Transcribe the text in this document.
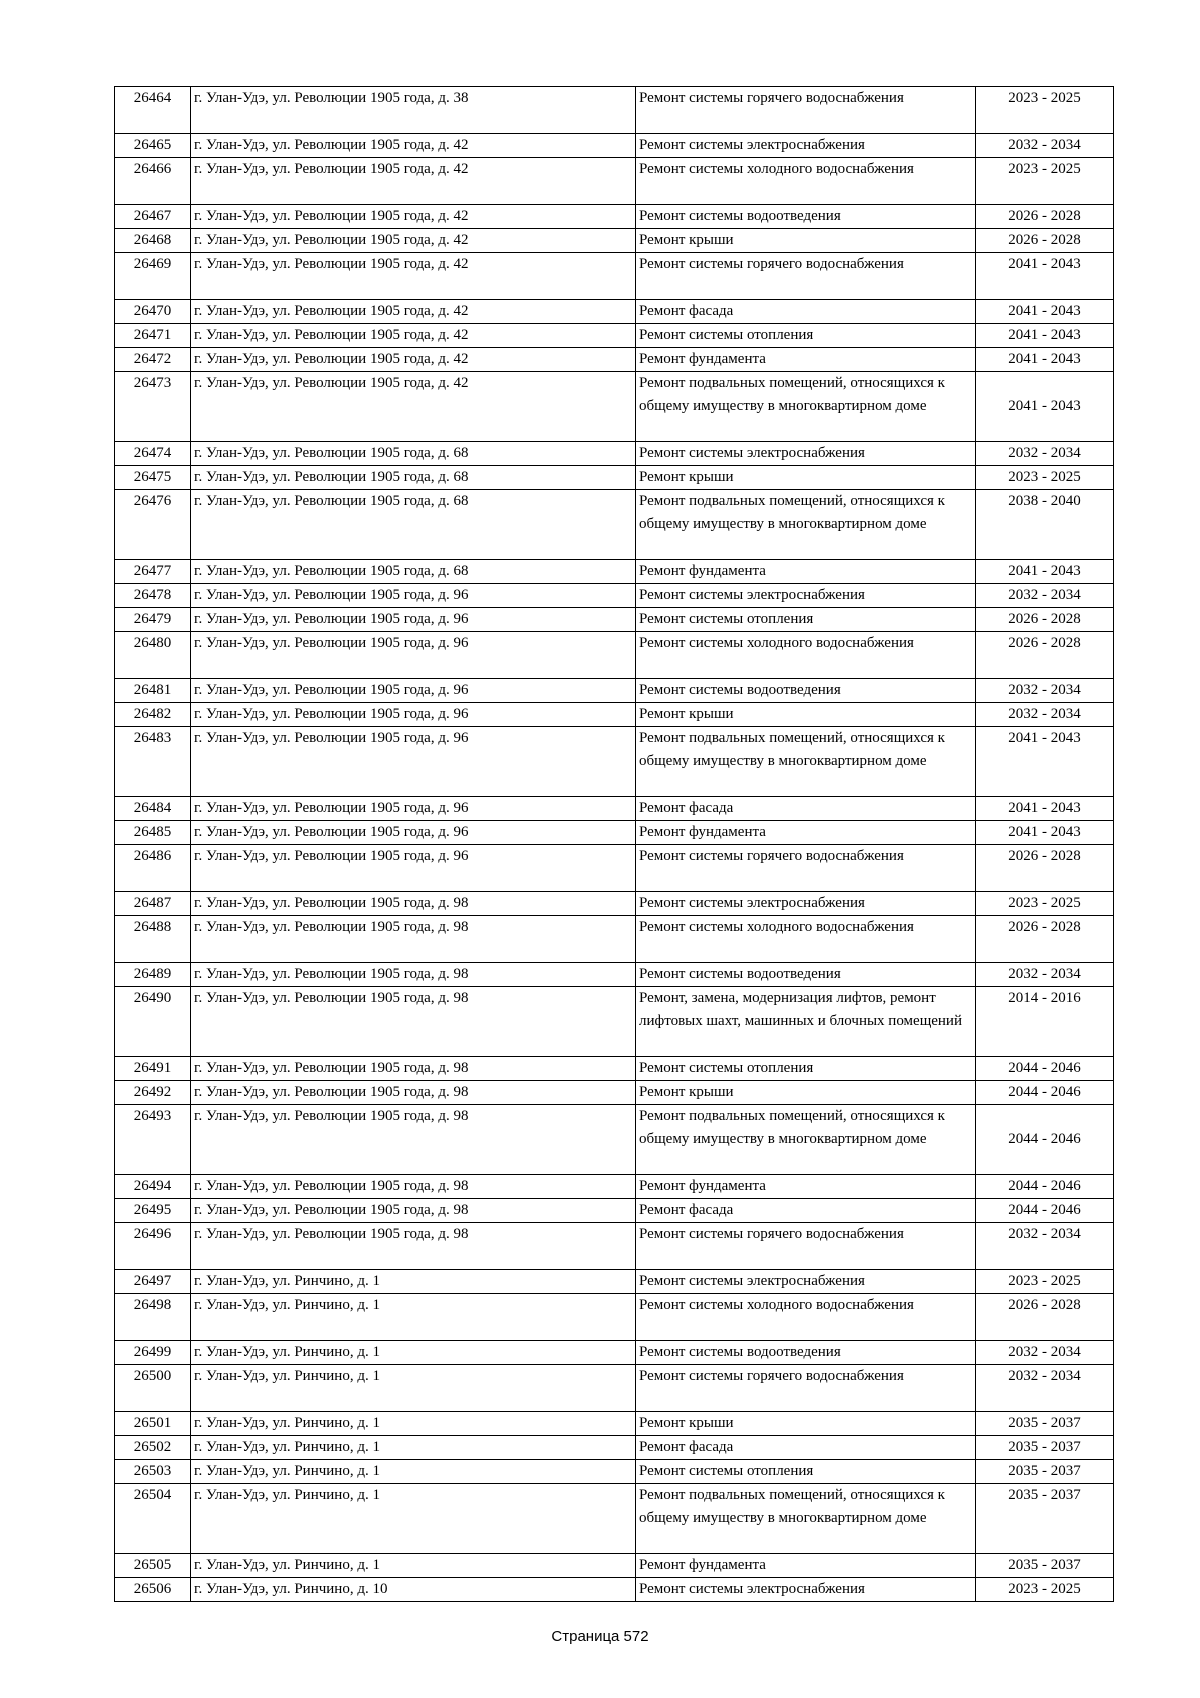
26464	г. Улан-Удэ, ул. Революции 1905 года, д. 38	Ремонт системы горячего водоснабжения	2023 - 2025
26465	г. Улан-Удэ, ул. Революции 1905 года, д. 42	Ремонт системы электроснабжения	2032 - 2034
26466	г. Улан-Удэ, ул. Революции 1905 года, д. 42	Ремонт системы холодного водоснабжения	2023 - 2025
26467	г. Улан-Удэ, ул. Революции 1905 года, д. 42	Ремонт системы водоотведения	2026 - 2028
26468	г. Улан-Удэ, ул. Революции 1905 года, д. 42	Ремонт крыши	2026 - 2028
26469	г. Улан-Удэ, ул. Революции 1905 года, д. 42	Ремонт системы горячего водоснабжения	2041 - 2043
26470	г. Улан-Удэ, ул. Революции 1905 года, д. 42	Ремонт фасада	2041 - 2043
26471	г. Улан-Удэ, ул. Революции 1905 года, д. 42	Ремонт системы отопления	2041 - 2043
26472	г. Улан-Удэ, ул. Революции 1905 года, д. 42	Ремонт фундамента	2041 - 2043
26473	г. Улан-Удэ, ул. Революции 1905 года, д. 42	Ремонт подвальных помещений, относящихся к общему имуществу в многоквартирном доме	2041 - 2043
26474	г. Улан-Удэ, ул. Революции 1905 года, д. 68	Ремонт системы электроснабжения	2032 - 2034
26475	г. Улан-Удэ, ул. Революции 1905 года, д. 68	Ремонт крыши	2023 - 2025
26476	г. Улан-Удэ, ул. Революции 1905 года, д. 68	Ремонт подвальных помещений, относящихся к общему имуществу в многоквартирном доме	2038 - 2040
26477	г. Улан-Удэ, ул. Революции 1905 года, д. 68	Ремонт фундамента	2041 - 2043
26478	г. Улан-Удэ, ул. Революции 1905 года, д. 96	Ремонт системы электроснабжения	2032 - 2034
26479	г. Улан-Удэ, ул. Революции 1905 года, д. 96	Ремонт системы отопления	2026 - 2028
26480	г. Улан-Удэ, ул. Революции 1905 года, д. 96	Ремонт системы холодного водоснабжения	2026 - 2028
26481	г. Улан-Удэ, ул. Революции 1905 года, д. 96	Ремонт системы водоотведения	2032 - 2034
26482	г. Улан-Удэ, ул. Революции 1905 года, д. 96	Ремонт крыши	2032 - 2034
26483	г. Улан-Удэ, ул. Революции 1905 года, д. 96	Ремонт подвальных помещений, относящихся к общему имуществу в многоквартирном доме	2041 - 2043
26484	г. Улан-Удэ, ул. Революции 1905 года, д. 96	Ремонт фасада	2041 - 2043
26485	г. Улан-Удэ, ул. Революции 1905 года, д. 96	Ремонт фундамента	2041 - 2043
26486	г. Улан-Удэ, ул. Революции 1905 года, д. 96	Ремонт системы горячего водоснабжения	2026 - 2028
26487	г. Улан-Удэ, ул. Революции 1905 года, д. 98	Ремонт системы электроснабжения	2023 - 2025
26488	г. Улан-Удэ, ул. Революции 1905 года, д. 98	Ремонт системы холодного водоснабжения	2026 - 2028
26489	г. Улан-Удэ, ул. Революции 1905 года, д. 98	Ремонт системы водоотведения	2032 - 2034
26490	г. Улан-Удэ, ул. Революции 1905 года, д. 98	Ремонт, замена, модернизация лифтов, ремонт лифтовых шахт, машинных и блочных помещений	2014 - 2016
26491	г. Улан-Удэ, ул. Революции 1905 года, д. 98	Ремонт системы отопления	2044 - 2046
26492	г. Улан-Удэ, ул. Революции 1905 года, д. 98	Ремонт крыши	2044 - 2046
26493	г. Улан-Удэ, ул. Революции 1905 года, д. 98	Ремонт подвальных помещений, относящихся к общему имуществу в многоквартирном доме	2044 - 2046
26494	г. Улан-Удэ, ул. Революции 1905 года, д. 98	Ремонт фундамента	2044 - 2046
26495	г. Улан-Удэ, ул. Революции 1905 года, д. 98	Ремонт фасада	2044 - 2046
26496	г. Улан-Удэ, ул. Революции 1905 года, д. 98	Ремонт системы горячего водоснабжения	2032 - 2034
26497	г. Улан-Удэ, ул. Ринчино, д. 1	Ремонт системы электроснабжения	2023 - 2025
26498	г. Улан-Удэ, ул. Ринчино, д. 1	Ремонт системы холодного водоснабжения	2026 - 2028
26499	г. Улан-Удэ, ул. Ринчино, д. 1	Ремонт системы водоотведения	2032 - 2034
26500	г. Улан-Удэ, ул. Ринчино, д. 1	Ремонт системы горячего водоснабжения	2032 - 2034
26501	г. Улан-Удэ, ул. Ринчино, д. 1	Ремонт крыши	2035 - 2037
26502	г. Улан-Удэ, ул. Ринчино, д. 1	Ремонт фасада	2035 - 2037
26503	г. Улан-Удэ, ул. Ринчино, д. 1	Ремонт системы отопления	2035 - 2037
26504	г. Улан-Удэ, ул. Ринчино, д. 1	Ремонт подвальных помещений, относящихся к общему имуществу в многоквартирном доме	2035 - 2037
26505	г. Улан-Удэ, ул. Ринчино, д. 1	Ремонт фундамента	2035 - 2037
26506	г. Улан-Удэ, ул. Ринчино, д. 10	Ремонт системы электроснабжения	2023 - 2025
Страница 572
